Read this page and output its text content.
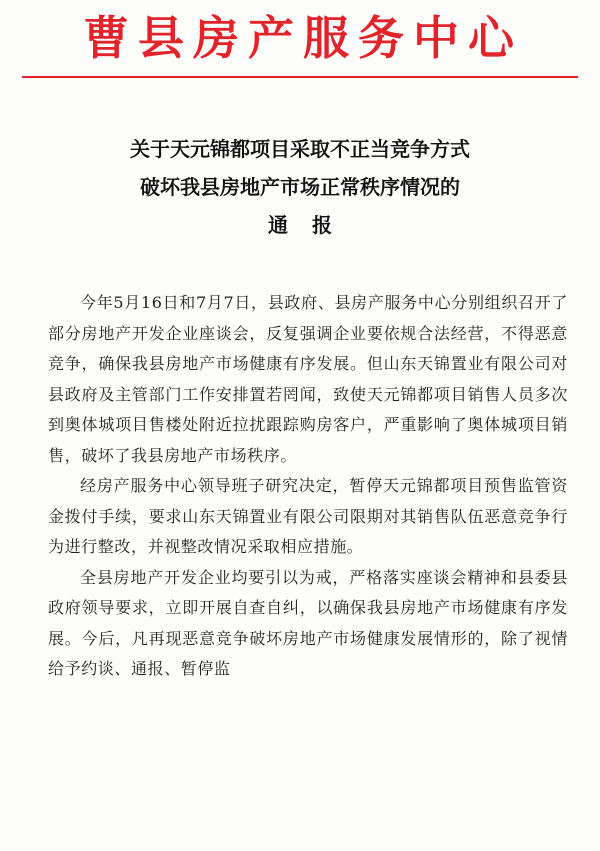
曹县房产服务中心
关于天元锦都项目采取不正当竞争方式
破坏我县房地产市场正常秩序情况的
通报

今年5月16日和7月7日，县政府、县房产服务中心分别组织召开了部分房地产开发企业座谈会，反复强调企业要依规合法经营，不得恶意竞争，确保我县房地产市场健康有序发展。但山东天锦置业有限公司对县政府及主管部门工作安排置若罔闻，致使天元锦都项目销售人员多次到奥体城项目售楼处附近拉扰跟踪购房客户，严重影响了奥体城项目销售，破坏了我县房地产市场秩序。

经房产服务中心领导班子研究决定，暂停天元锦都项目预售监管资金拨付手续，要求山东天锦置业有限公司限期对其销售队伍恶意竞争行为进行整改，并视整改情况采取相应措施。

全县房地产开发企业均要引以为戒，严格落实座谈会精神和县委县政府领导要求，立即开展自查自纠，以确保我县房地产市场健康有序发展。今后，凡再现恶意竞争破坏房地产市场健康发展情形的，除了视情给予约谈、通报、暂停监
